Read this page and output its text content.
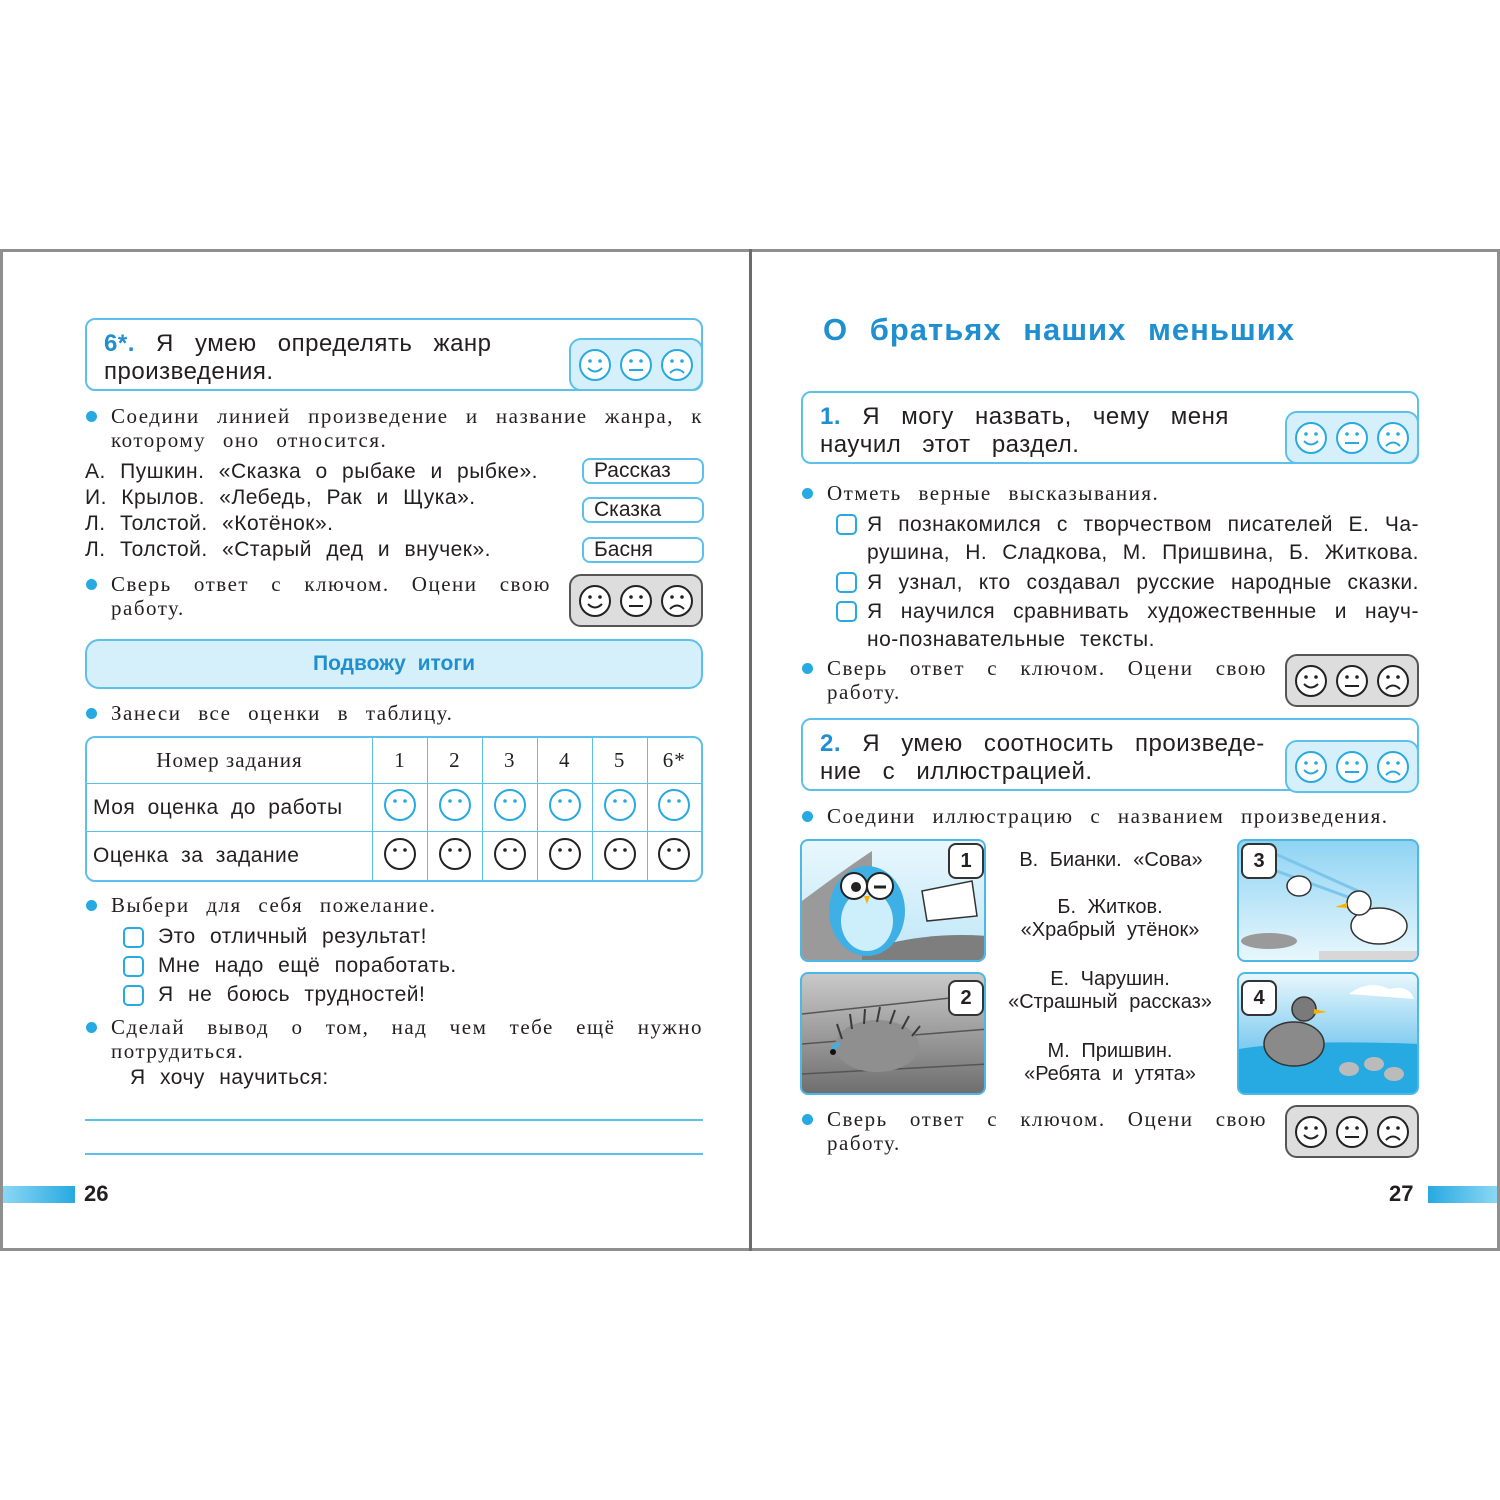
6*. Я умею определять жанр произведения.
Соедини линией произведение и название жанра, к которому оно относится.
А. Пушкин. «Сказка о рыбаке и рыбке».
И. Крылов. «Лебедь, Рак и Щука».
Л. Толстой. «Котёнок».
Л. Толстой. «Старый дед и внучек».
Рассказ
Сказка
Басня
Сверь ответ с ключом. Оцени свою работу.
Подвожу итоги
Занеси все оценки в таблицу.
Номер задания	1	2	3	4	5	6*
Моя оценка до работы						
Оценка за задание						
Выбери для себя пожелание.
Это отличный результат!
Мне надо ещё поработать.
Я не боюсь трудностей!
Сделай вывод о том, над чем тебе ещё нужно потрудиться.
Я хочу научиться:
26
О братьях наших меньших
1. Я могу назвать, чему меня научил этот раздел.
Отметь верные высказывания.
Я познакомился с творчеством писателей Е. Ча-
рушина, Н. Сладкова, М. Пришвина, Б. Житкова.
Я узнал, кто создавал русские народные сказки.
Я научился сравнивать художественные и науч-
но-познавательные тексты.
Сверь ответ с ключом. Оцени свою работу.
2. Я умею соотносить произведе- ние с иллюстрацией.
Соедини иллюстрацию с названием произведения.
1
2
3
4
В. Бианки. «Сова»
Б. Житков. «Храбрый утёнок»
Е. Чарушин. «Страшный рассказ»
М. Пришвин. «Ребята и утята»
Сверь ответ с ключом. Оцени свою работу.
27
